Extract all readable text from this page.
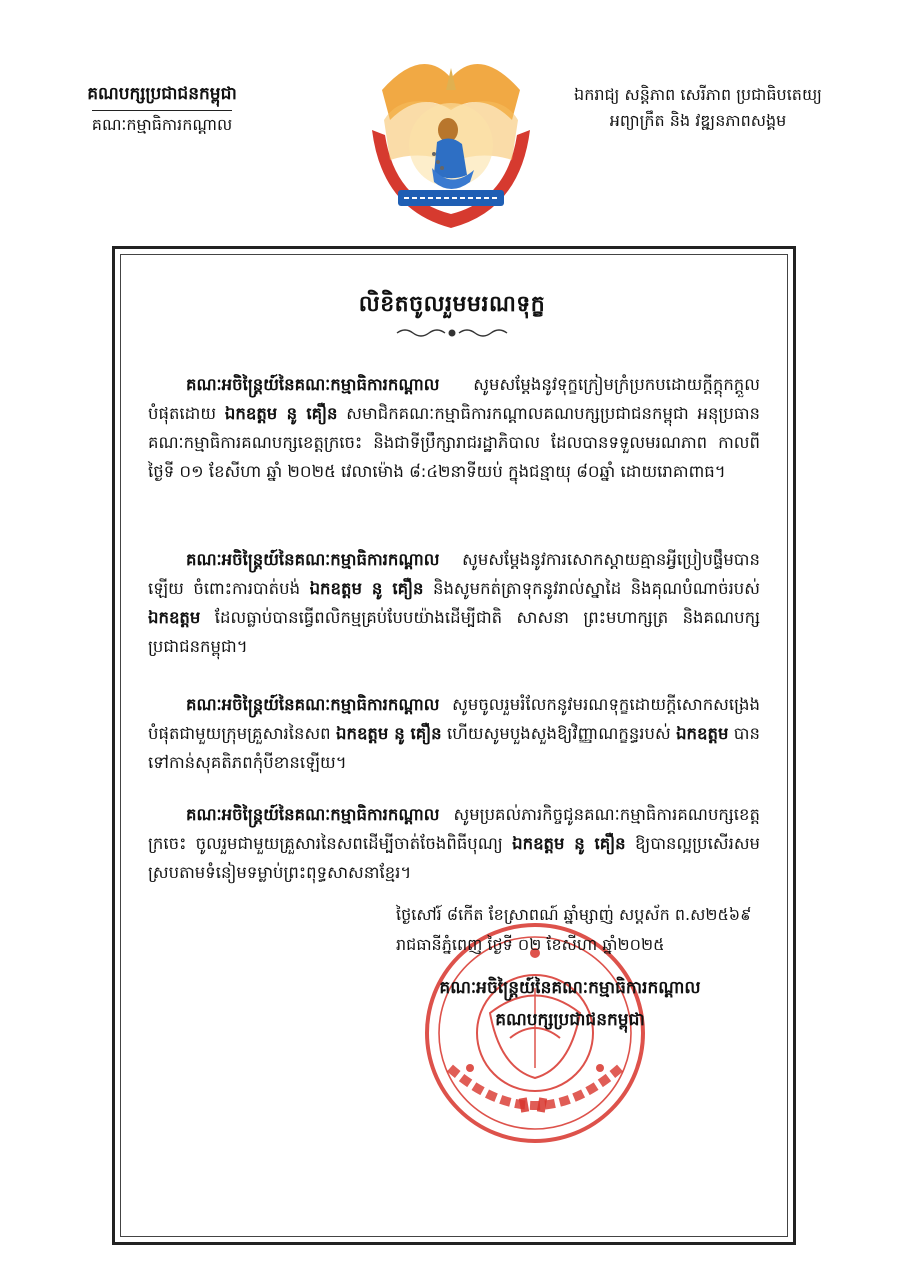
គណបក្សប្រជាជនកម្ពុជា
គណៈកម្មាធិការកណ្ដាល
ឯករាជ្យ សន្តិភាព សេរីភាព ប្រជាធិបតេយ្យ
អព្យាក្រឹត និង វឌ្ឍនភាពសង្គម
លិខិតចូលរួមមរណទុក្ខ

គណៈអចិន្ត្រៃយ៍នៃគណៈកម្មាធិការកណ្ដាល សូមសម្ដែងនូវទុក្ខក្រៀមក្រំប្រកបដោយក្ដីក្ដុកក្ដួលបំផុតដោយ ឯកឧត្តម នូ គឿន សមាជិកគណៈកម្មាធិការកណ្ដាលគណបក្សប្រជាជនកម្ពុជា អនុប្រធានគណៈកម្មាធិការគណបក្សខេត្តក្រចេះ និងជាទីប្រឹក្សារាជរដ្ឋាភិបាល ដែលបានទទួលមរណភាព កាលពីថ្ងៃទី ០១ ខែសីហា ឆ្នាំ ២០២៥ វេលាម៉ោង ៨:៤២នាទីយប់ ក្នុងជន្មាយុ ៨០ឆ្នាំ ដោយរោគាពាធ។

គណៈអចិន្ត្រៃយ៍នៃគណៈកម្មាធិការកណ្ដាល សូមសម្ដែងនូវការសោកស្ដាយគ្មានអ្វីប្រៀបផ្ទឹមបានឡើយ ចំពោះការបាត់បង់ ឯកឧត្តម នូ គឿន និងសូមកត់ត្រាទុកនូវរាល់ស្នាដៃ និងគុណបំណាច់របស់ ឯកឧត្តម ដែលធ្លាប់បានធ្វើពលិកម្មគ្រប់បែបយ៉ាងដើម្បីជាតិ សាសនា ព្រះមហាក្សត្រ និងគណបក្សប្រជាជនកម្ពុជា។

គណៈអចិន្ត្រៃយ៍នៃគណៈកម្មាធិការកណ្ដាល សូមចូលរួមរំលែកនូវមរណទុក្ខដោយក្ដីសោកសង្រេងបំផុតជាមួយក្រុមគ្រួសារនៃសព ឯកឧត្តម នូ គឿន ហើយសូមបួងសួងឱ្យវិញ្ញាណក្ខន្ធរបស់ ឯកឧត្តម បានទៅកាន់សុគតិភពកុំបីខានឡើយ។

គណៈអចិន្ត្រៃយ៍នៃគណៈកម្មាធិការកណ្ដាល សូមប្រគល់ភារកិច្ចជូនគណៈកម្មាធិការគណបក្សខេត្តក្រចេះ ចូលរួមជាមួយគ្រួសារនៃសពដើម្បីចាត់ចែងពិធីបុណ្យ ឯកឧត្តម នូ គឿន ឱ្យបានល្អប្រសើរសមស្របតាមទំនៀមទម្លាប់ព្រះពុទ្ធសាសនាខ្មែរ។

ថ្ងៃសៅរ៍ ៨កើត ខែស្រាពណ៍ ឆ្នាំម្សាញ់ សប្តស័ក ព.ស២៥៦៩
រាជធានីភ្នំពេញ ថ្ងៃទី ០២ ខែសីហា ឆ្នាំ២០២៥
គណៈអចិន្ត្រៃយ៍នៃគណៈកម្មាធិការកណ្ដាល
គណបក្សប្រជាជនកម្ពុជា
